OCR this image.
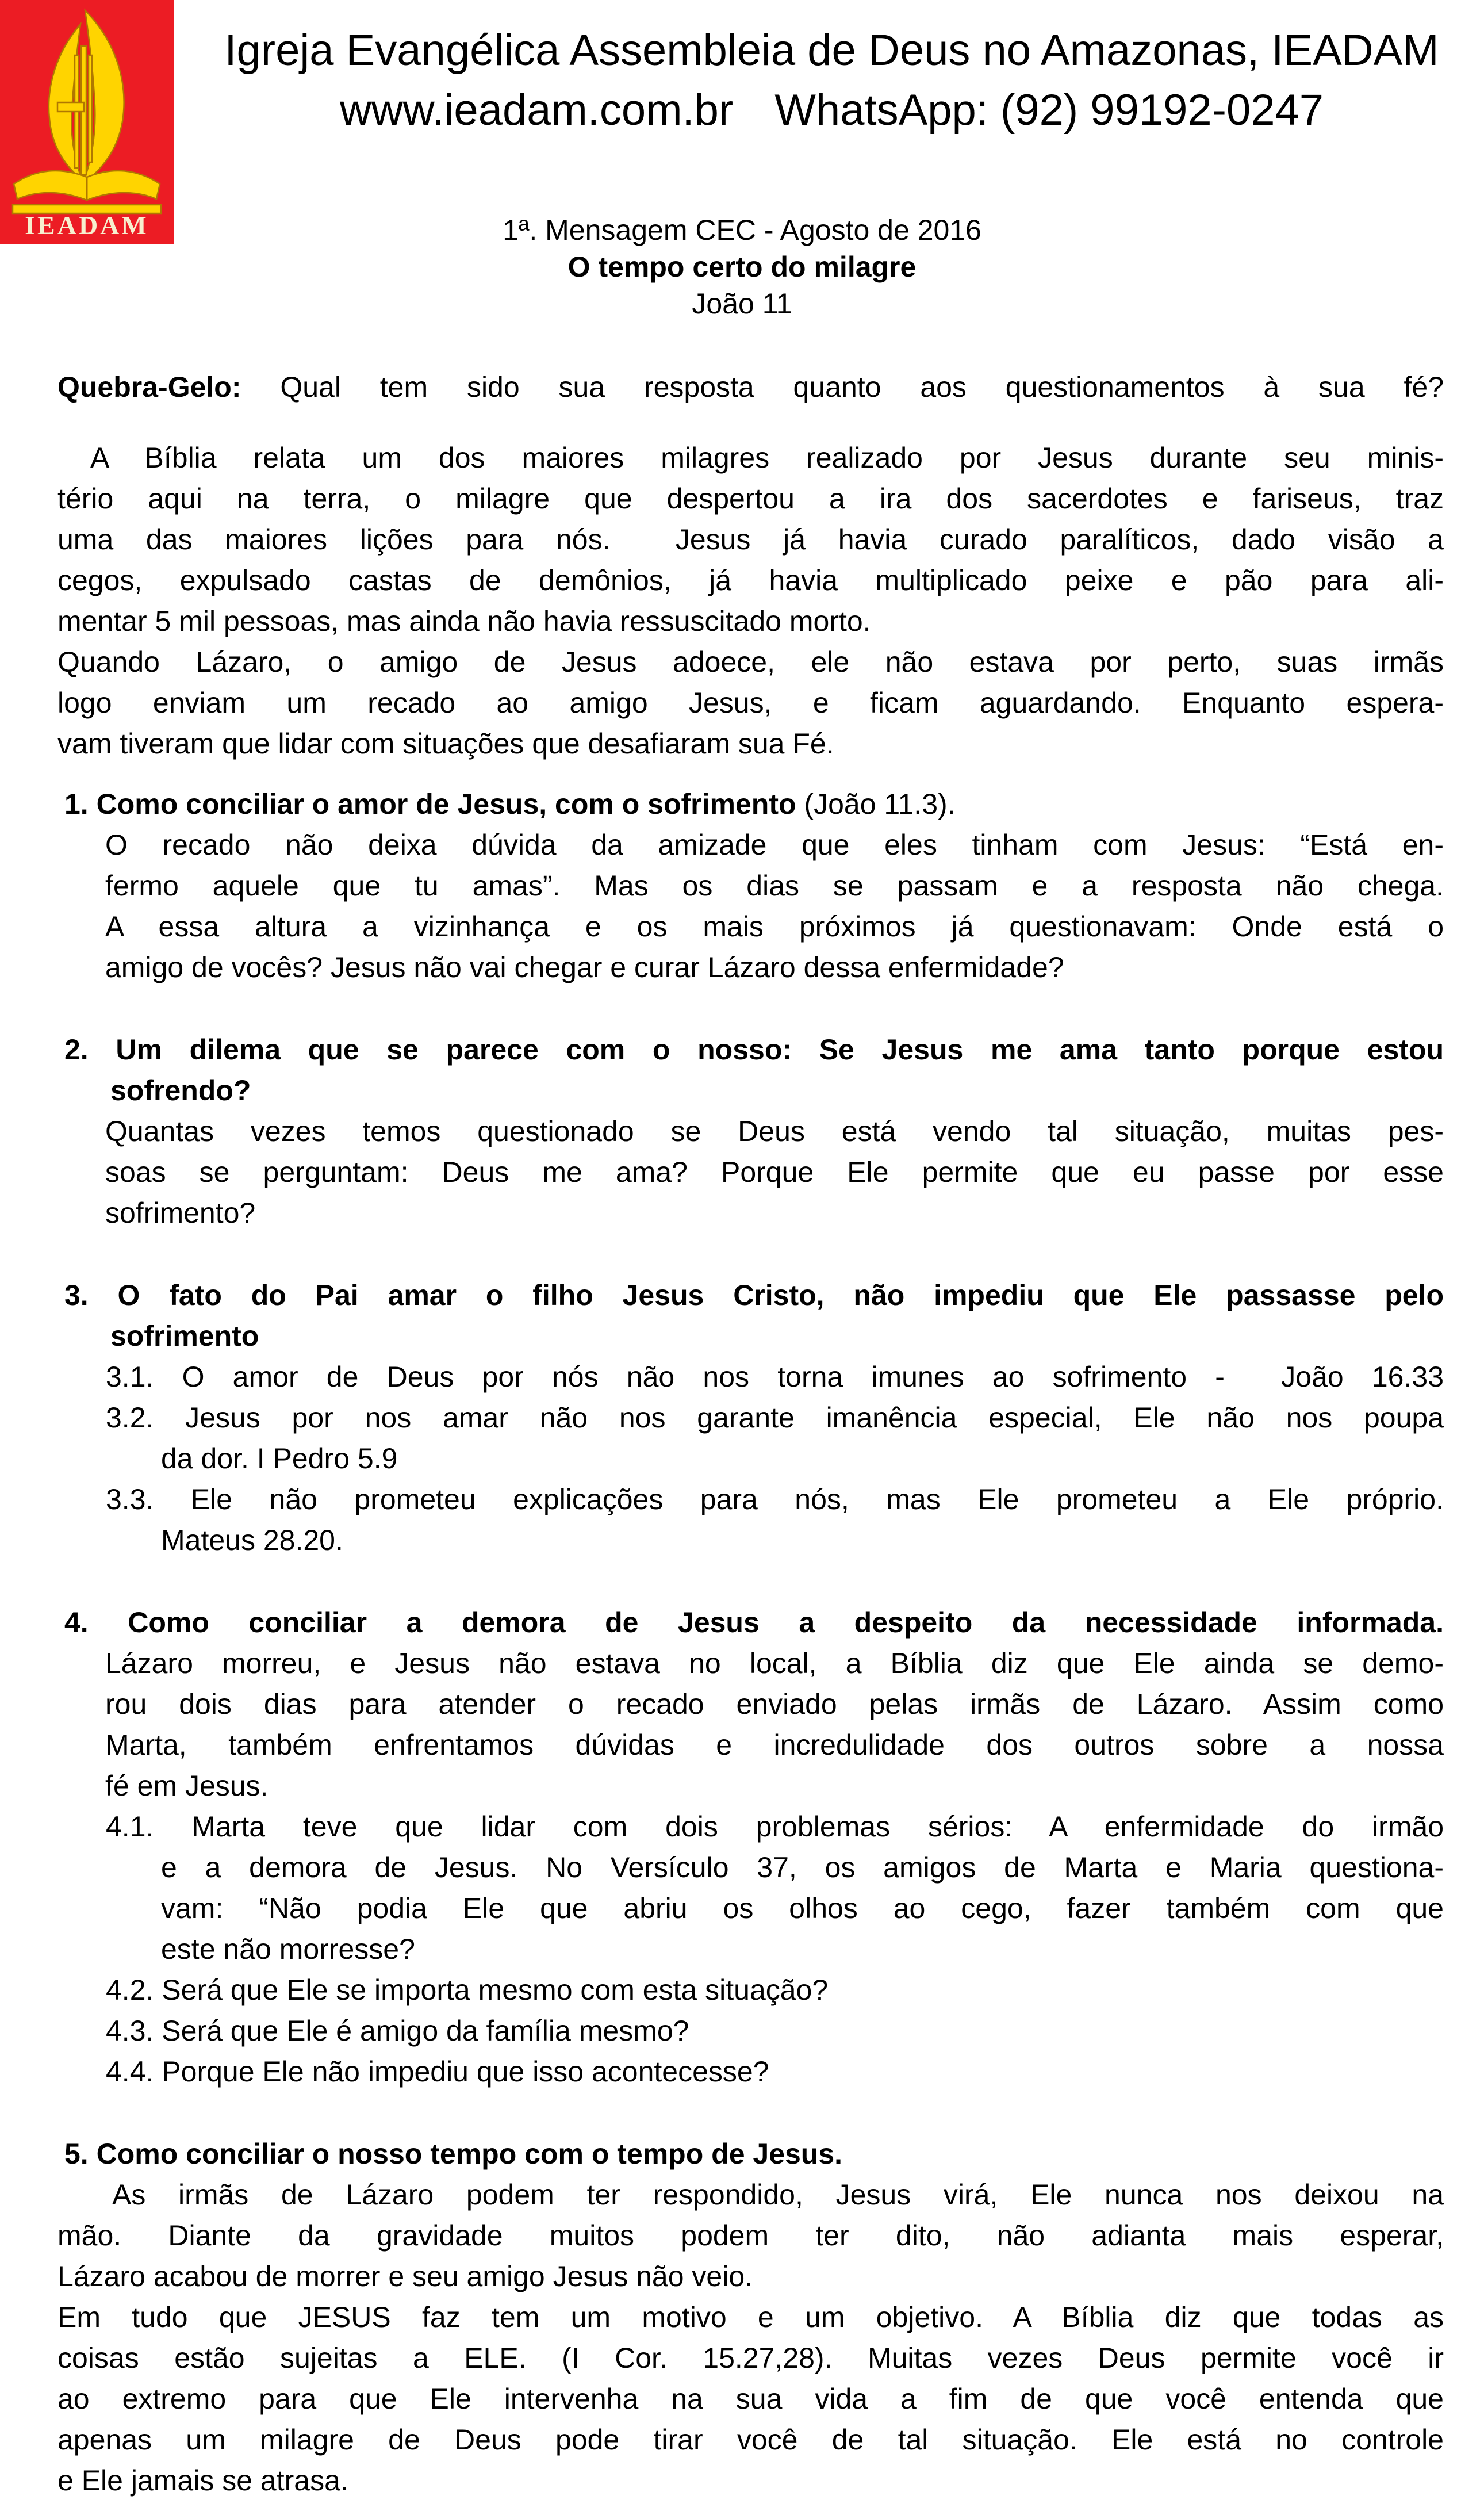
IEADAM
Igreja Evangélica Assembleia de Deus no Amazonas, IEADAM
www.ieadam.com.br WhatsApp: (92) 99192-0247
1ª. Mensagem CEC - Agosto de 2016
O tempo certo do milagre
João 11
Quebra-Gelo: Qual tem sido sua resposta quanto aos questionamentos à sua fé?
A Bíblia relata um dos maiores milagres realizado por Jesus durante seu minis-
tério aqui na terra, o milagre que despertou a ira dos sacerdotes e fariseus, traz
uma das maiores lições para nós.  Jesus já havia curado paralíticos, dado visão a
cegos, expulsado castas de demônios, já havia multiplicado peixe e pão para ali-
mentar 5 mil pessoas, mas ainda não havia ressuscitado morto.
Quando Lázaro, o amigo de Jesus adoece, ele não estava por perto, suas irmãs
logo enviam um recado ao amigo Jesus, e ficam aguardando. Enquanto espera-
vam tiveram que lidar com situações que desafiaram sua Fé.
1. Como conciliar o amor de Jesus, com o sofrimento (João 11.3).
O recado não deixa dúvida da amizade que eles tinham com Jesus: “Está en-
fermo aquele que tu amas”. Mas os dias se passam e a resposta não chega.
A essa altura a vizinhança e os mais próximos já questionavam: Onde está o
amigo de vocês? Jesus não vai chegar e curar Lázaro dessa enfermidade?
2. Um dilema que se parece com o nosso: Se Jesus me ama tanto porque estou
sofrendo?
Quantas vezes temos questionado se Deus está vendo tal situação, muitas pes-
soas se perguntam: Deus me ama? Porque Ele permite que eu passe por esse
sofrimento?
3. O fato do Pai amar o filho Jesus Cristo, não impediu que Ele passasse pelo
sofrimento
3.1. O amor de Deus por nós não nos torna imunes ao sofrimento -  João 16.33
3.2. Jesus por nos amar não nos garante imanência especial, Ele não nos poupa
da dor. I Pedro 5.9
3.3. Ele não prometeu explicações para nós, mas Ele prometeu a Ele próprio.
Mateus 28.20.
4. Como conciliar a demora de Jesus a despeito da necessidade informada.
Lázaro morreu, e Jesus não estava no local, a Bíblia diz que Ele ainda se demo-
rou dois dias para atender o recado enviado pelas irmãs de Lázaro. Assim como
Marta, também enfrentamos dúvidas e incredulidade dos outros sobre a nossa
fé em Jesus.
4.1. Marta teve que lidar com dois problemas sérios: A enfermidade do irmão
e a demora de Jesus. No Versículo 37, os amigos de Marta e Maria questiona-
vam: “Não podia Ele que abriu os olhos ao cego, fazer também com que
este não morresse?
4.2. Será que Ele se importa mesmo com esta situação?
4.3. Será que Ele é amigo da família mesmo?
4.4. Porque Ele não impediu que isso acontecesse?
5. Como conciliar o nosso tempo com o tempo de Jesus.
As irmãs de Lázaro podem ter respondido, Jesus virá, Ele nunca nos deixou na
mão. Diante da gravidade muitos podem ter dito, não adianta mais esperar,
Lázaro acabou de morrer e seu amigo Jesus não veio.
Em tudo que JESUS faz tem um motivo e um objetivo. A Bíblia diz que todas as
coisas estão sujeitas a ELE. (I Cor. 15.27,28). Muitas vezes Deus permite você ir
ao extremo para que Ele intervenha na sua vida a fim de que você entenda que
apenas um milagre de Deus pode tirar você de tal situação. Ele está no controle
e Ele jamais se atrasa.
